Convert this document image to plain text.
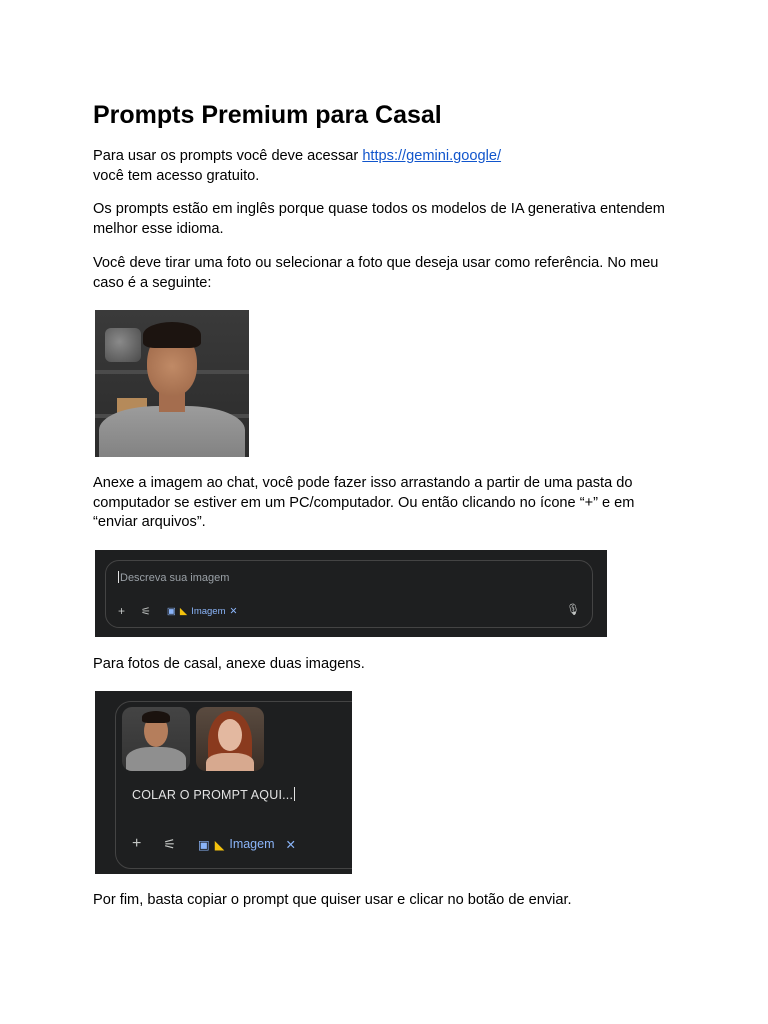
Prompts Premium para Casal

Para usar os prompts você deve acessar https://gemini.google/
você tem acesso gratuito.

Os prompts estão em inglês porque quase todos os modelos de IA generativa entendem melhor esse idioma.

Você deve tirar uma foto ou selecionar a foto que deseja usar como referência. No meu caso é a seguinte:

Anexe a imagem ao chat, você pode fazer isso arrastando a partir de uma pasta do computador se estiver em um PC/computador. Ou então clicando no ícone “+” e em “enviar arquivos”.

Descreva sua imagem
+ ⚟ ▣ ◣ Imagem ✕	🎙

Para fotos de casal, anexe duas imagens.

COLAR O PROMPT AQUI...
+ ⚟ ▣ ◣ Imagem ✕

Por fim, basta copiar o prompt que quiser usar e clicar no botão de enviar.
